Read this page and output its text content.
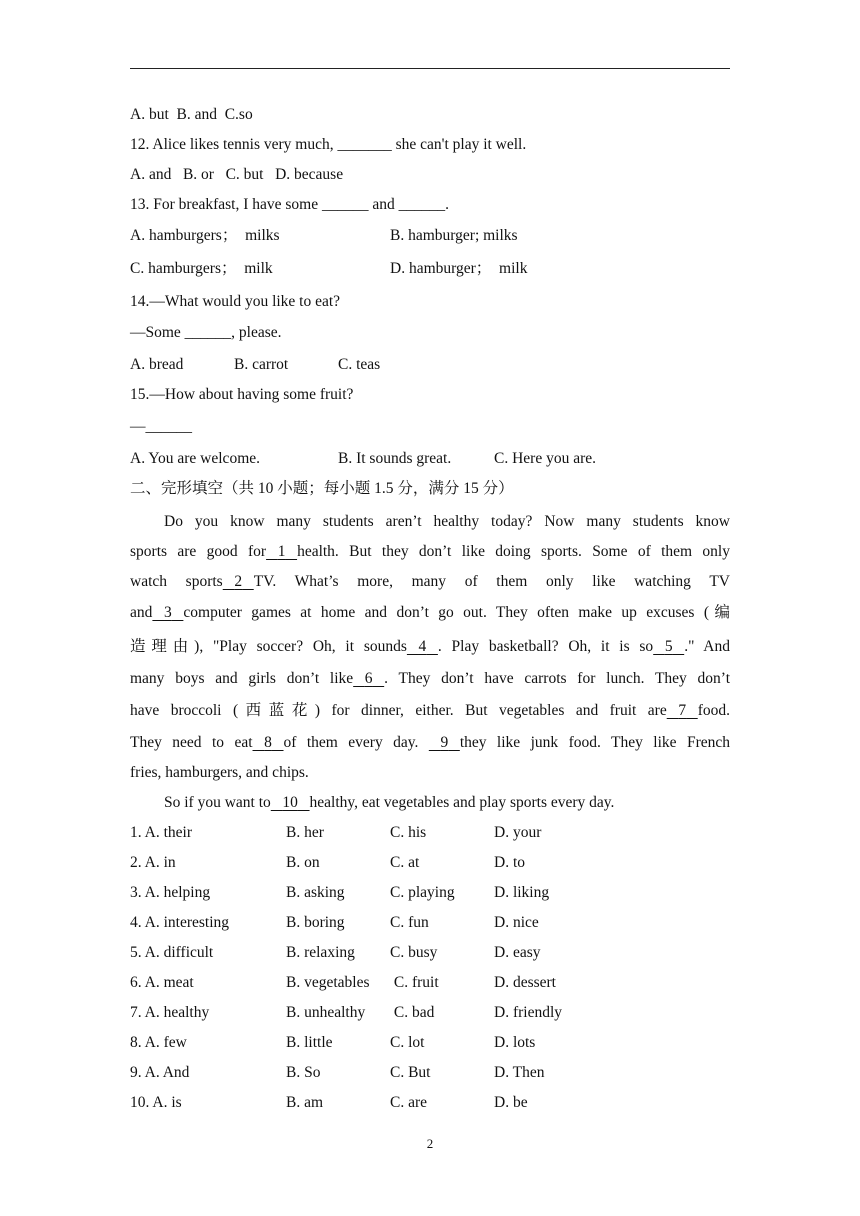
A. but  B. and  C.so
12. Alice likes tennis very much, _______ she can't play it well.
A. and   B. or   C. but   D. because
13. For breakfast, I have some ______ and ______.
A. hamburgers；  milks	B. hamburger; milks
C. hamburgers；  milk	D. hamburger；  milk
14.—What would you like to eat?
—Some ______, please.
A. bread	B. carrot	C. teas
15.—How about having some fruit?
—______
A. You are welcome.	B. It sounds great.	C. Here you are.
二、完形填空（共 10 小题；每小题 1.5 分，满分 15 分）
Do you know many students aren’t healthy today? Now many students know
sports are good for 1 health. But they don’t like doing sports. Some of them only
watch sports 2 TV. What’s more, many of them only like watching TV
and 3 computer games at home and don’t go out. They often make up excuses (编
造理由), "Play soccer? Oh, it sounds 4 . Play basketball? Oh, it is so 5 ." And
many boys and girls don’t like 6 . They don’t have carrots for lunch. They don’t
have broccoli (西蓝花) for dinner, either. But vegetables and fruit are 7 food.
They need to eat 8 of them every day. 9 they like junk food. They like French
fries, hamburgers, and chips.
So if you want to 10 healthy, eat vegetables and play sports every day.
1. A. their	B. her	C. his	D. your
2. A. in	B. on	C. at	D. to
3. A. helping	B. asking	C. playing	D. liking
4. A. interesting	B. boring	C. fun	D. nice
5. A. difficult	B. relaxing C. busy	D. easy
6. A. meat	B. vegetables C. fruit	D. dessert
7. A. healthy	B. unhealthy C. bad	D. friendly
8. A. few	B. little	C. lot	D. lots
9. A. And	B. So	C. But	D. Then
10. A. is	B. am	C. are	D. be
2
